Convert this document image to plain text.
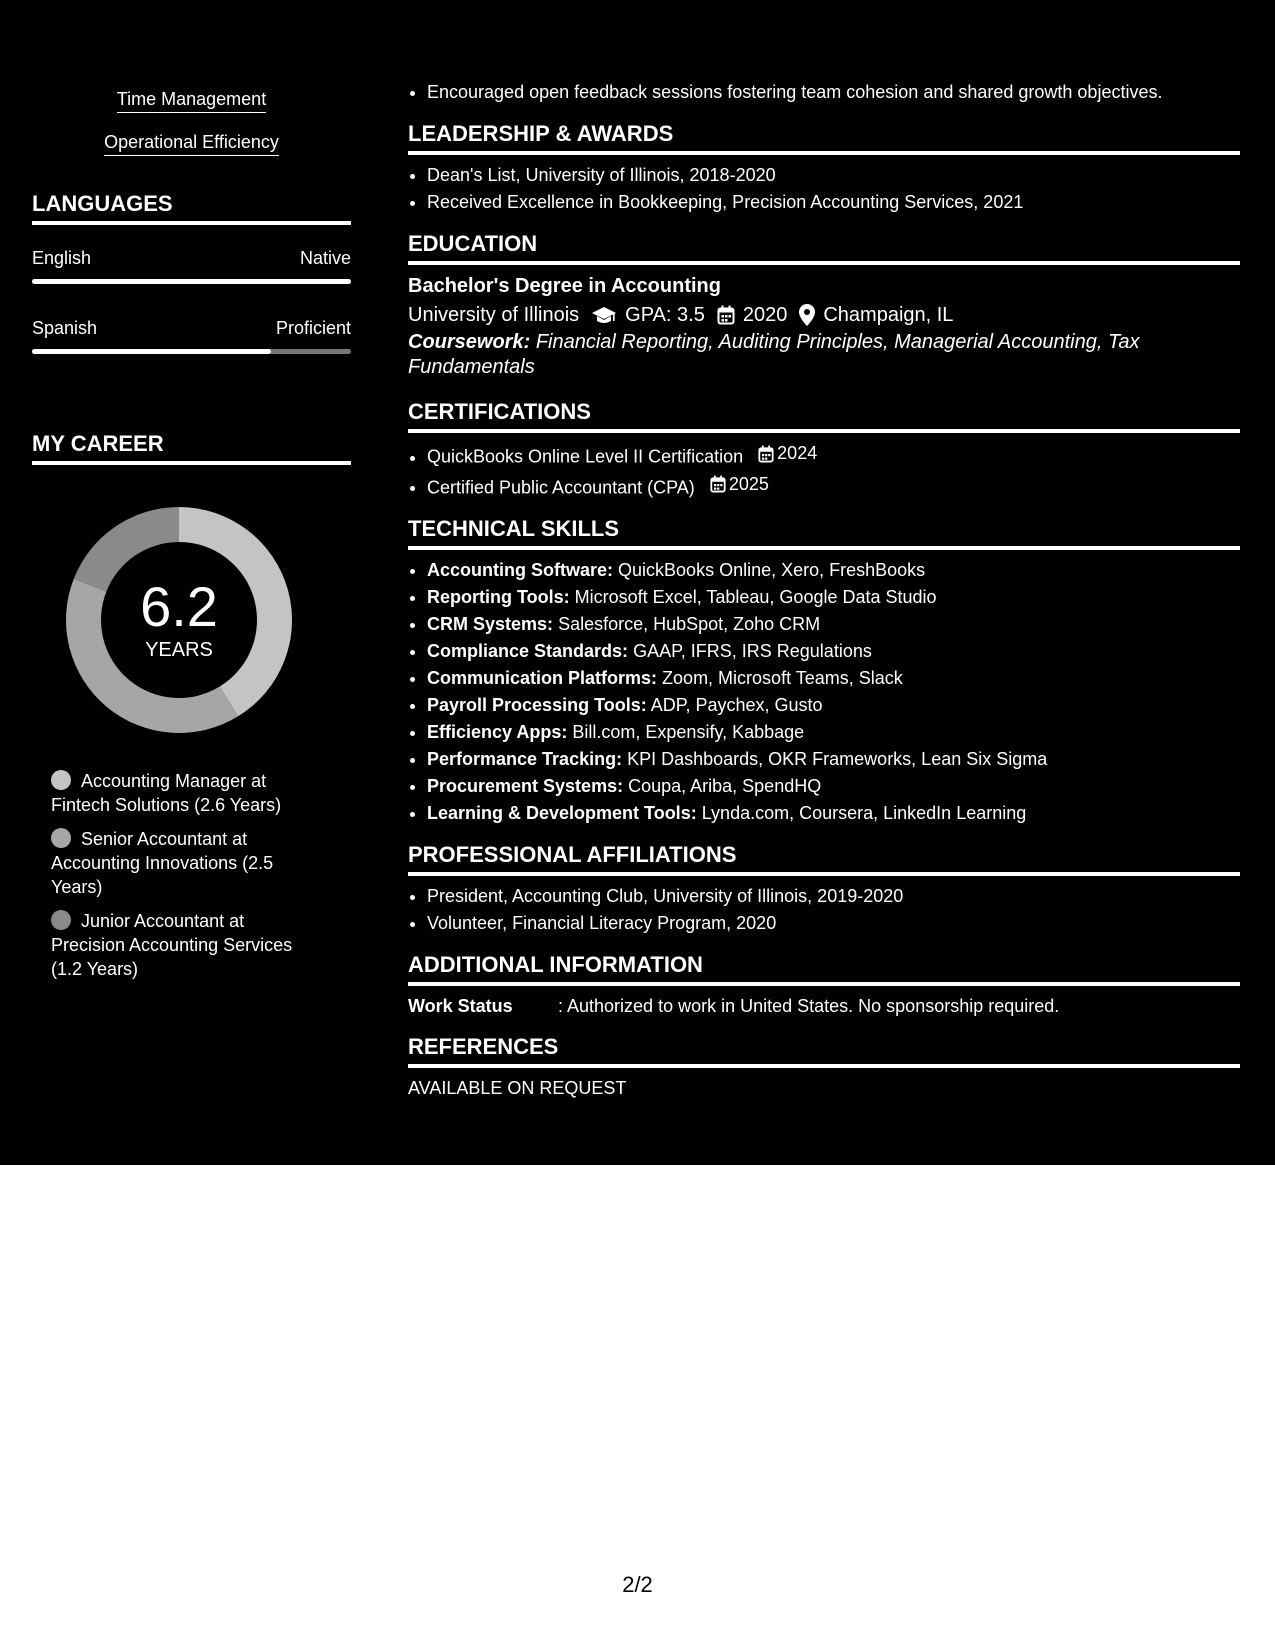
Time Management
Operational Efficiency
LANGUAGES
English	Native
Spanish	Proficient
MY CAREER
6.2
YEARS
Accounting Manager at Fintech Solutions (2.6 Years)
Senior Accountant at Accounting Innovations (2.5 Years)
Junior Accountant at Precision Accounting Services (1.2 Years)
• Encouraged open feedback sessions fostering team cohesion and shared growth objectives.
LEADERSHIP & AWARDS
• Dean's List, University of Illinois, 2018-2020
• Received Excellence in Bookkeeping, Precision Accounting Services, 2021
EDUCATION
Bachelor's Degree in Accounting
University of Illinois GPA: 3.5 2020 Champaign, IL
Coursework: Financial Reporting, Auditing Principles, Managerial Accounting, Tax Fundamentals
CERTIFICATIONS
• QuickBooks Online Level II Certification 2024
• Certified Public Accountant (CPA) 2025
TECHNICAL SKILLS
• Accounting Software: QuickBooks Online, Xero, FreshBooks
• Reporting Tools: Microsoft Excel, Tableau, Google Data Studio
• CRM Systems: Salesforce, HubSpot, Zoho CRM
• Compliance Standards: GAAP, IFRS, IRS Regulations
• Communication Platforms: Zoom, Microsoft Teams, Slack
• Payroll Processing Tools: ADP, Paychex, Gusto
• Efficiency Apps: Bill.com, Expensify, Kabbage
• Performance Tracking: KPI Dashboards, OKR Frameworks, Lean Six Sigma
• Procurement Systems: Coupa, Ariba, SpendHQ
• Learning & Development Tools: Lynda.com, Coursera, LinkedIn Learning
PROFESSIONAL AFFILIATIONS
• President, Accounting Club, University of Illinois, 2019-2020
• Volunteer, Financial Literacy Program, 2020
ADDITIONAL INFORMATION
Work Status	: Authorized to work in United States. No sponsorship required.
REFERENCES
AVAILABLE ON REQUEST
2/2
